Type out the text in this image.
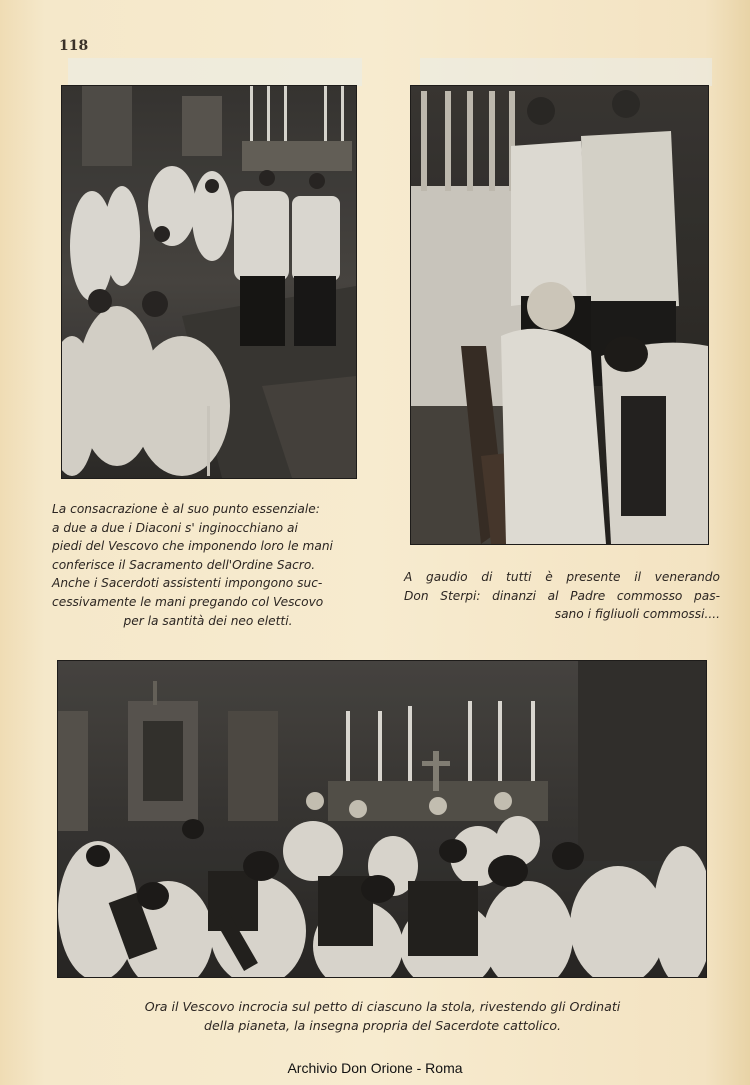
118
La consacrazione è al suo punto essenziale:
a due a due i Diaconi s' inginocchiano ai
piedi del Vescovo che imponendo loro le mani
conferisce il Sacramento dell'Ordine Sacro.
Anche i Sacerdoti assistenti impongono suc-
cessivamente le mani pregando col Vescovo
per la santità dei neo eletti.
A gaudio di tutti è presente il venerando
Don Sterpi: dinanzi al Padre commosso pas-
sano i figliuoli commossi....
Ora il Vescovo incrocia sul petto di ciascuno la stola, rivestendo gli Ordinati
della pianeta, la insegna propria del Sacerdote cattolico.
Archivio Don Orione - Roma
